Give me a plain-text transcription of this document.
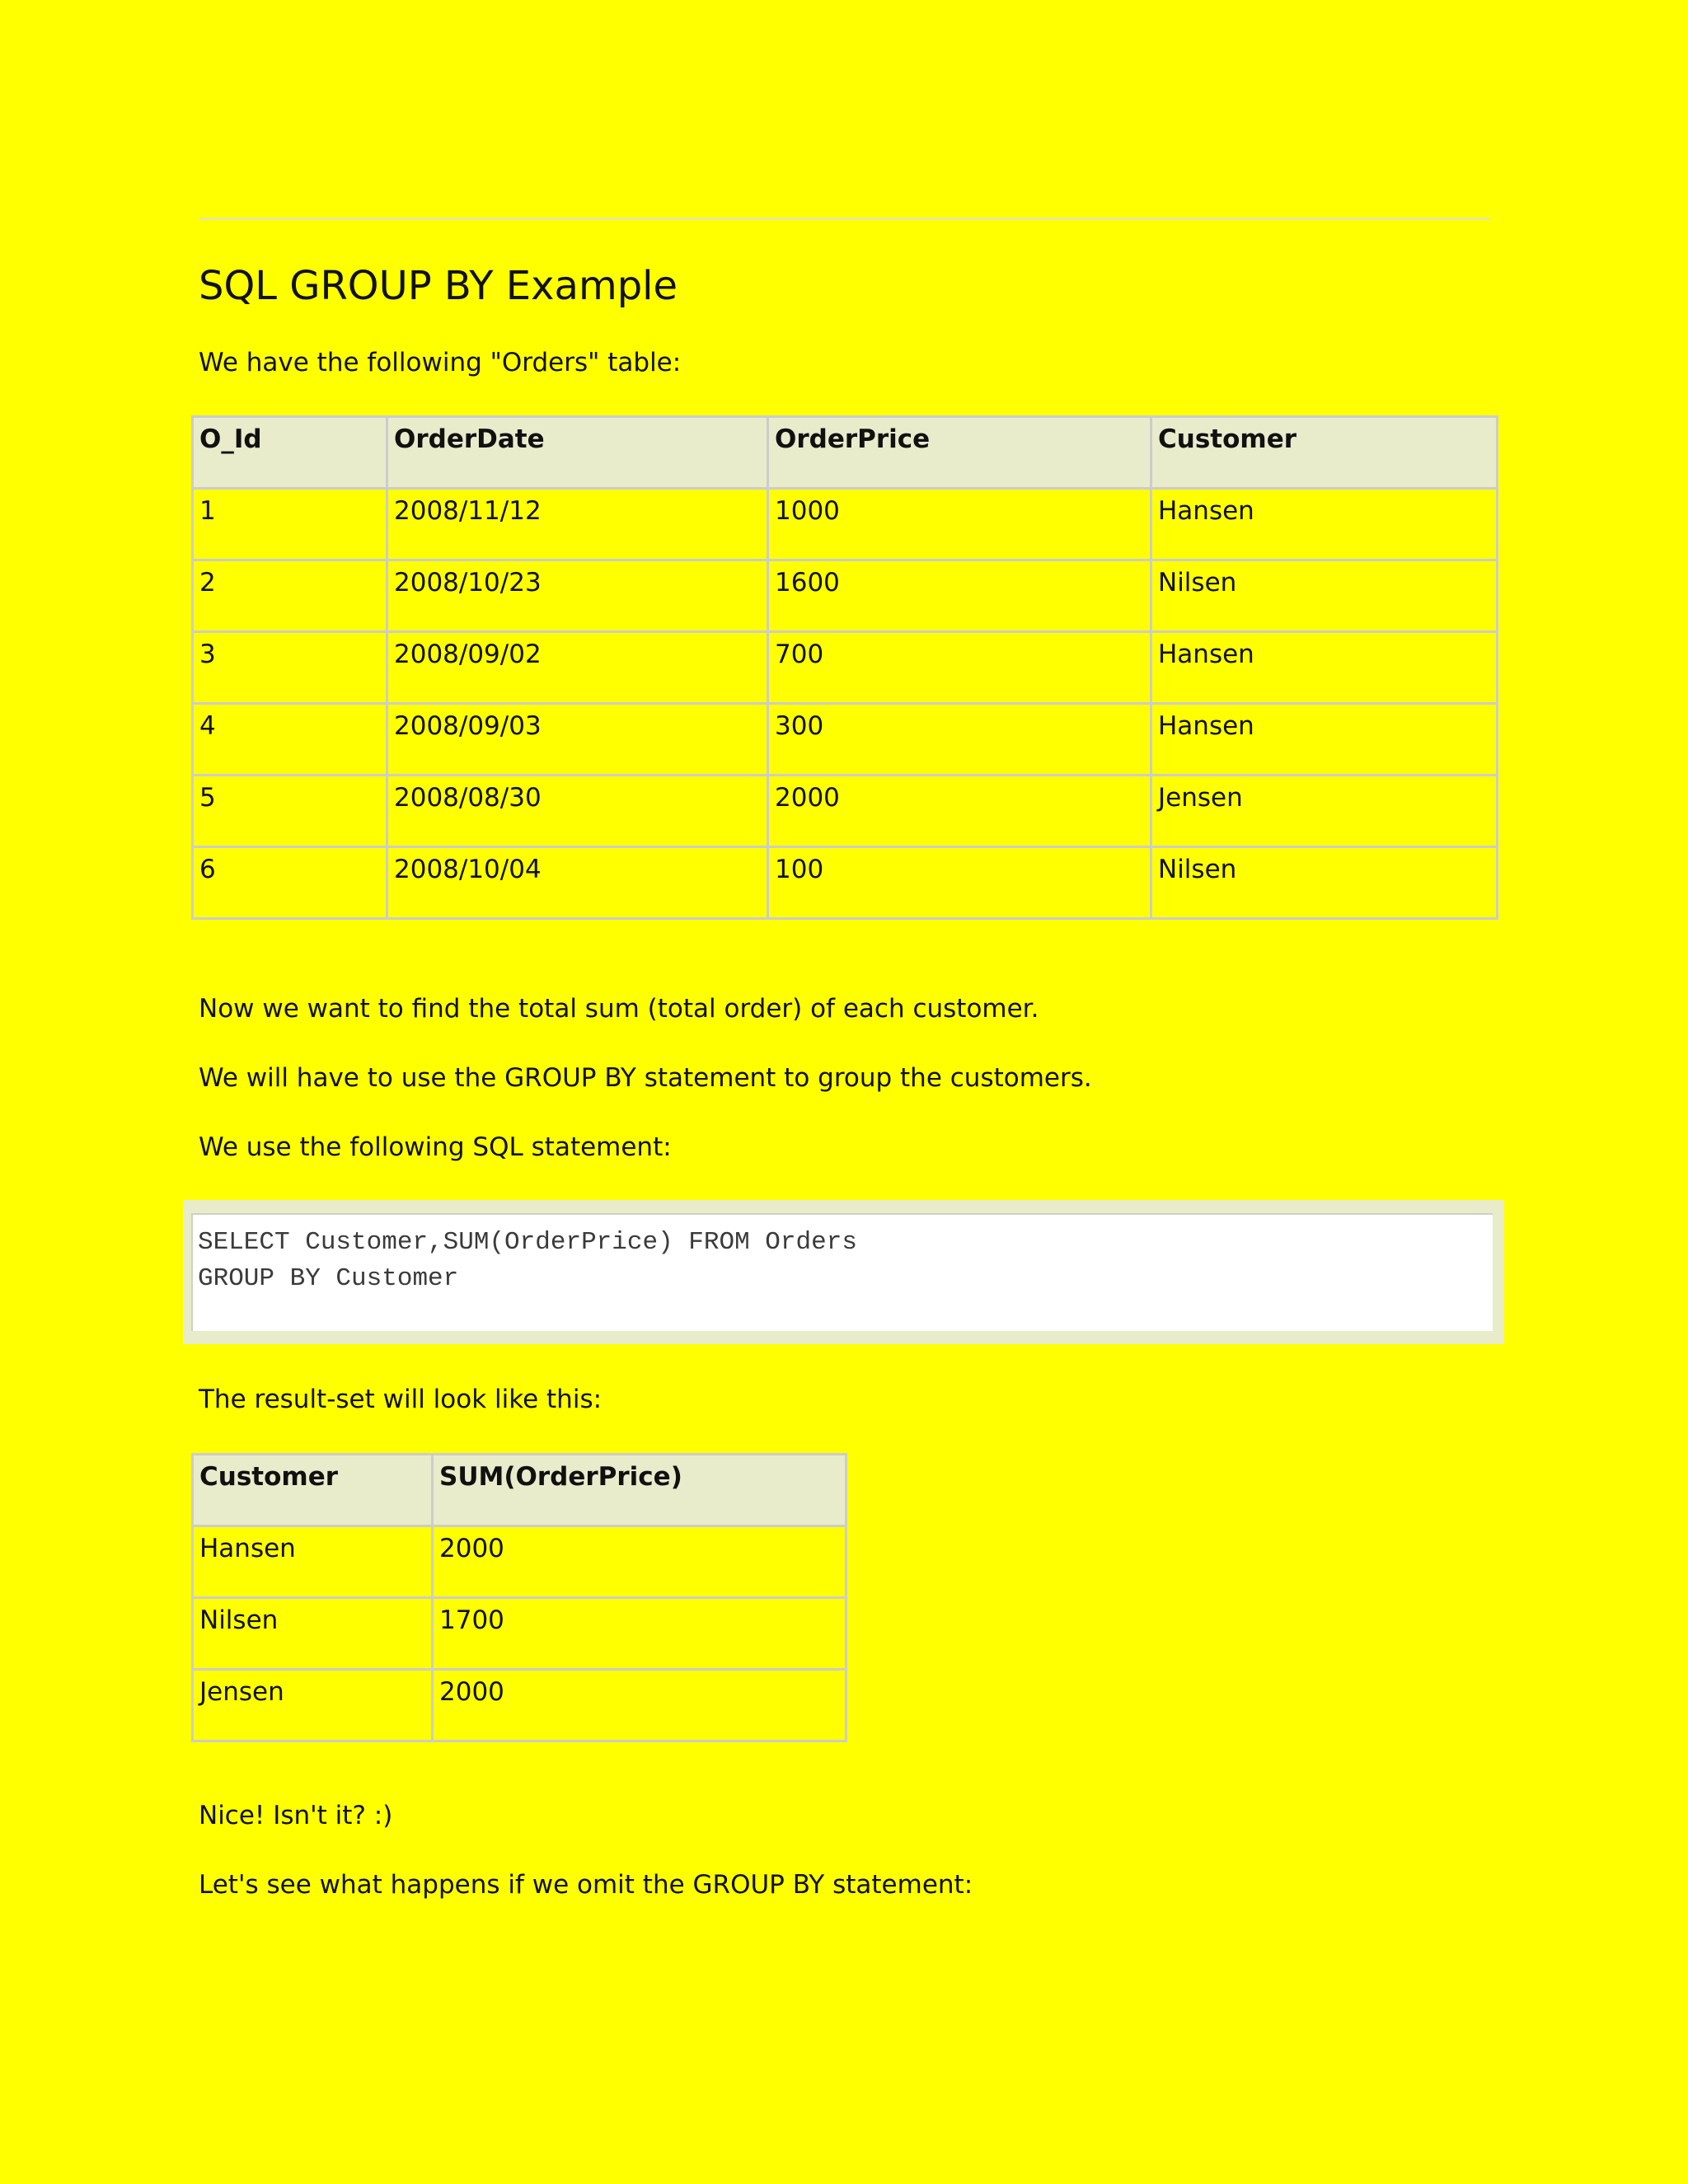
SQL GROUP BY Example

We have the following "Orders" table:

O_Id	OrderDate	OrderPrice	Customer
1	2008/11/12	1000	Hansen
2	2008/10/23	1600	Nilsen
3	2008/09/02	700	Hansen
4	2008/09/03	300	Hansen
5	2008/08/30	2000	Jensen
6	2008/10/04	100	Nilsen

Now we want to find the total sum (total order) of each customer.

We will have to use the GROUP BY statement to group the customers.

We use the following SQL statement:

SELECT Customer,SUM(OrderPrice) FROM Orders
GROUP BY Customer

The result-set will look like this:

Customer	SUM(OrderPrice)
Hansen	2000
Nilsen	1700
Jensen	2000

Nice! Isn't it? :)

Let's see what happens if we omit the GROUP BY statement:
